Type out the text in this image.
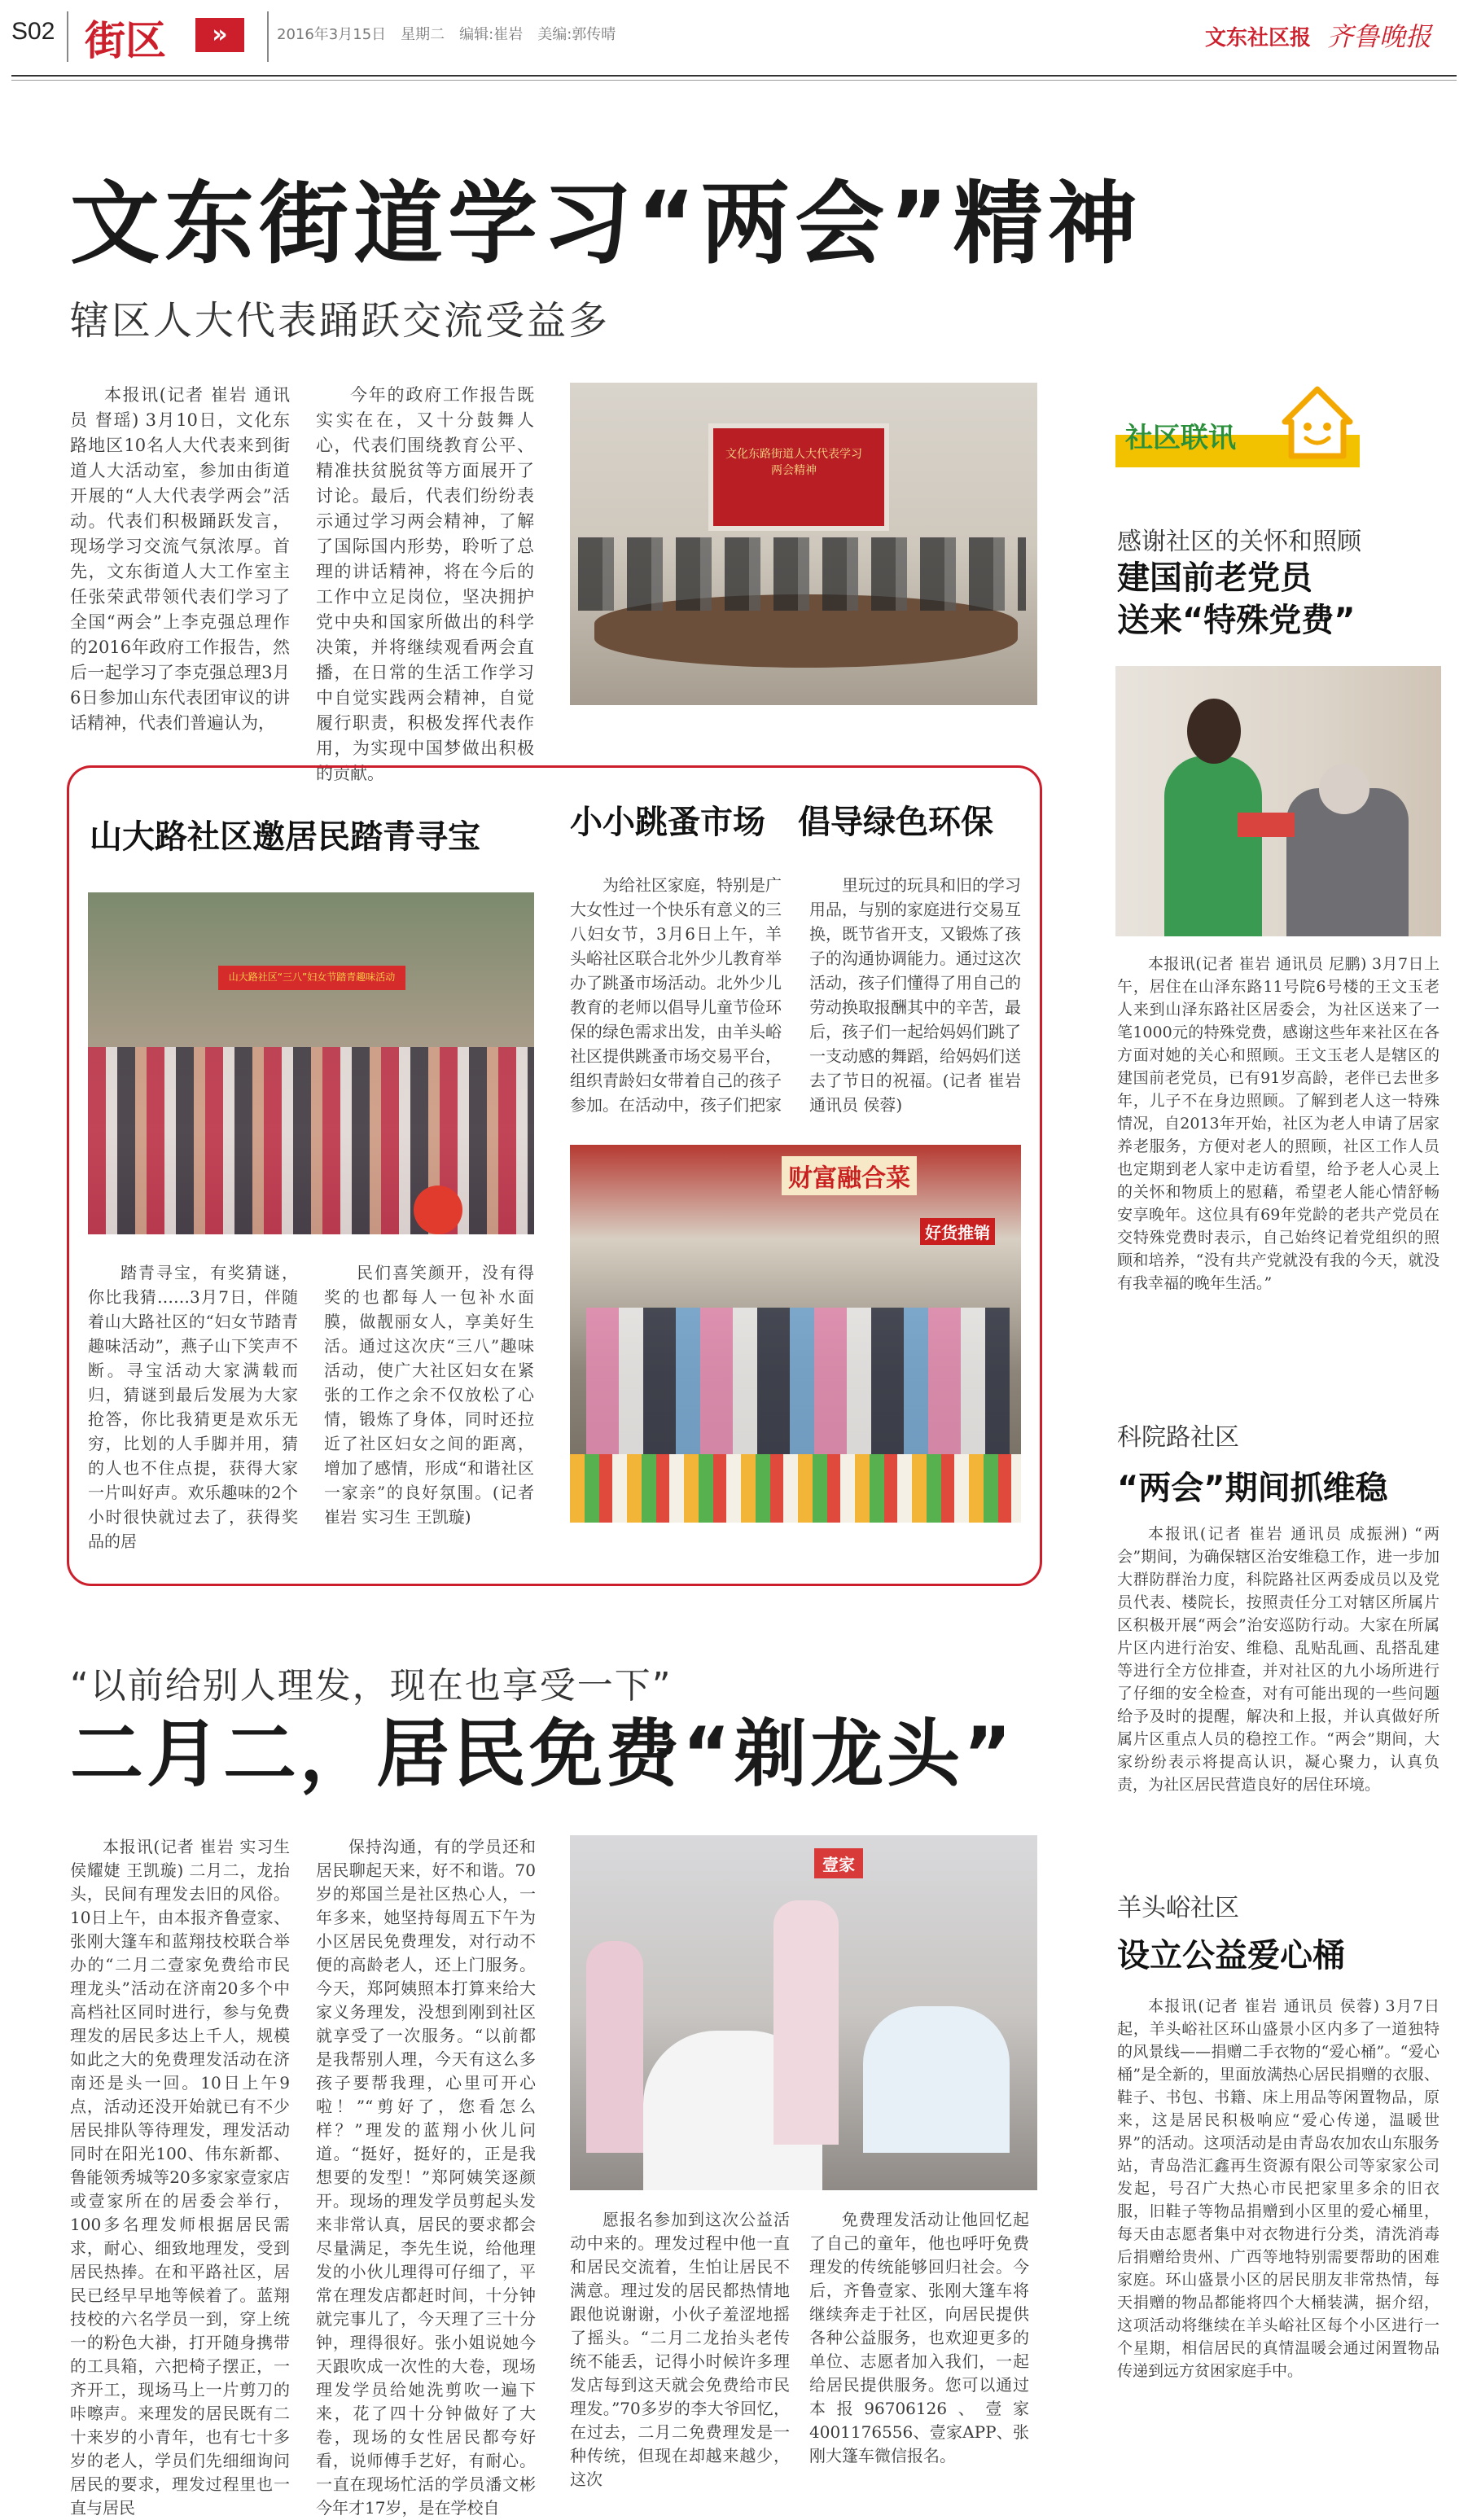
S02 街区	»	2016年3月15日　星期二　编辑:崔岩　美编:郭传晴	文东社区报 齐鲁晚报
文东街道学习“两会”精神
辖区人大代表踊跃交流受益多
本报讯(记者 崔岩 通讯员 督瑶) 3月10日，文化东路地区10名人大代表来到街道人大活动室，参加由街道开展的“人大代表学两会”活动。代表们积极踊跃发言，现场学习交流气氛浓厚。首先，文东街道人大工作室主任张荣武带领代表们学习了全国“两会”上李克强总理作的2016年政府工作报告，然后一起学习了李克强总理3月6日参加山东代表团审议的讲话精神，代表们普遍认为，
今年的政府工作报告既实实在在，又十分鼓舞人心，代表们围绕教育公平、精准扶贫脱贫等方面展开了讨论。最后，代表们纷纷表示通过学习两会精神，了解了国际国内形势，聆听了总理的讲话精神，将在今后的工作中立足岗位，坚决拥护党中央和国家所做出的科学决策，并将继续观看两会直播，在日常的生活工作学习中自觉实践两会精神，自觉履行职责，积极发挥代表作用，为实现中国梦做出积极的贡献。
文化东路街道人大代表学习两会精神
社区联讯
感谢社区的关怀和照顾
建国前老党员
送来“特殊党费”
本报讯(记者 崔岩 通讯员 尼鹏) 3月7日上午，居住在山泽东路11号院6号楼的王文玉老人来到山泽东路社区居委会，为社区送来了一笔1000元的特殊党费，感谢这些年来社区在各方面对她的关心和照顾。王文玉老人是辖区的建国前老党员，已有91岁高龄，老伴已去世多年，儿子不在身边照顾。了解到老人这一特殊情况，自2013年开始，社区为老人申请了居家养老服务，方便对老人的照顾，社区工作人员也定期到老人家中走访看望，给予老人心灵上的关怀和物质上的慰藉，希望老人能心情舒畅安享晚年。这位具有69年党龄的老共产党员在交特殊党费时表示，自己始终记着党组织的照顾和培养，“没有共产党就没有我的今天，就没有我幸福的晚年生活。”
科院路社区
“两会”期间抓维稳
本报讯(记者 崔岩 通讯员 成振洲) “两会”期间，为确保辖区治安维稳工作，进一步加大群防群治力度，科院路社区两委成员以及党员代表、楼院长，按照责任分工对辖区所属片区积极开展“两会”治安巡防行动。大家在所属片区内进行治安、维稳、乱贴乱画、乱搭乱建等进行全方位排查，并对社区的九小场所进行了仔细的安全检查，对有可能出现的一些问题给予及时的提醒，解决和上报，并认真做好所属片区重点人员的稳控工作。“两会”期间，大家纷纷表示将提高认识，凝心聚力，认真负责，为社区居民营造良好的居住环境。
羊头峪社区
设立公益爱心桶
本报讯(记者 崔岩 通讯员 侯蓉) 3月7日起，羊头峪社区环山盛景小区内多了一道独特的风景线——捐赠二手衣物的“爱心桶”。“爱心桶”是全新的，里面放满热心居民捐赠的衣服、鞋子、书包、书籍、床上用品等闲置物品，原来，这是居民积极响应“爱心传递，温暖世界”的活动。这项活动是由青岛农加农山东服务站，青岛浩汇鑫再生资源有限公司等家家公司发起，号召广大热心市民把家里多余的旧衣服，旧鞋子等物品捐赠到小区里的爱心桶里，每天由志愿者集中对衣物进行分类，清洗消毒后捐赠给贵州、广西等地特别需要帮助的困难家庭。环山盛景小区的居民朋友非常热情，每天捐赠的物品都能将四个大桶装满，据介绍，这项活动将继续在羊头峪社区每个小区进行一个星期，相信居民的真情温暖会通过闲置物品传递到远方贫困家庭手中。
山大路社区邀居民踏青寻宝
山大路社区“三八”妇女节踏青趣味活动
踏青寻宝，有奖猜谜，你比我猜……3月7日，伴随着山大路社区的“妇女节踏青趣味活动”，燕子山下笑声不断。寻宝活动大家满载而归，猜谜到最后发展为大家抢答，你比我猜更是欢乐无穷，比划的人手脚并用，猜的人也不住点提，获得大家一片叫好声。欢乐趣味的2个小时很快就过去了，获得奖品的居
民们喜笑颜开，没有得奖的也都每人一包补水面膜，做靓丽女人，享美好生活。通过这次庆“三八”趣味活动，使广大社区妇女在紧张的工作之余不仅放松了心情，锻炼了身体，同时还拉近了社区妇女之间的距离，增加了感情，形成“和谐社区一家亲”的良好氛围。(记者 崔岩 实习生 王凯璇)
小小跳蚤市场　倡导绿色环保
为给社区家庭，特别是广大女性过一个快乐有意义的三八妇女节，3月6日上午，羊头峪社区联合北外少儿教育举办了跳蚤市场活动。北外少儿教育的老师以倡导儿童节俭环保的绿色需求出发，由羊头峪社区提供跳蚤市场交易平台，组织青龄妇女带着自己的孩子参加。在活动中，孩子们把家
里玩过的玩具和旧的学习用品，与别的家庭进行交易互换，既节省开支，又锻炼了孩子的沟通协调能力。通过这次活动，孩子们懂得了用自己的劳动换取报酬其中的辛苦，最后，孩子们一起给妈妈们跳了一支动感的舞蹈，给妈妈们送去了节日的祝福。(记者 崔岩 通讯员 侯蓉)
财富融合菜
好货推销
“以前给别人理发，现在也享受一下”
二月二，居民免费“剃龙头”
本报讯(记者 崔岩 实习生 侯耀婕 王凯璇) 二月二，龙抬头，民间有理发去旧的风俗。10日上午，由本报齐鲁壹家、张刚大篷车和蓝翔技校联合举办的“二月二壹家免费给市民理龙头”活动在济南20多个中高档社区同时进行，参与免费理发的居民多达上千人，规模如此之大的免费理发活动在济南还是头一回。10日上午9点，活动还没开始就已有不少居民排队等待理发，理发活动同时在阳光100、伟东新都、鲁能领秀城等20多家家壹家店或壹家所在的居委会举行，100多名理发师根据居民需求，耐心、细致地理发，受到居民热捧。在和平路社区，居民已经早早地等候着了。蓝翔技校的六名学员一到，穿上统一的粉色大褂，打开随身携带的工具箱，六把椅子摆正，一齐开工，现场马上一片剪刀的咔嚓声。来理发的居民既有二十来岁的小青年，也有七十多岁的老人，学员们先细细询问居民的要求，理发过程里也一直与居民
保持沟通，有的学员还和居民聊起天来，好不和谐。70岁的郑国兰是社区热心人，一年多来，她坚持每周五下午为小区居民免费理发，对行动不便的高龄老人，还上门服务。今天，郑阿姨照本打算来给大家义务理发，没想到刚到社区就享受了一次服务。“以前都是我帮别人理，今天有这么多孩子要帮我理，心里可开心啦！”“剪好了，您看怎么样？”理发的蓝翔小伙儿问道。“挺好，挺好的，正是我想要的发型！”郑阿姨笑逐颜开。现场的理发学员剪起头发来非常认真，居民的要求都会尽量满足，李先生说，给他理发的小伙儿理得可仔细了，平常在理发店都赶时间，十分钟就完事儿了，今天理了三十分钟，理得很好。张小姐说她今天跟吹成一次性的大卷，现场理发学员给她洗剪吹一遍下来，花了四十分钟做好了大卷，现场的女性居民都夸好看，说师傅手艺好，有耐心。一直在现场忙活的学员潘文彬今年才17岁，是在学校自
壹家
愿报名参加到这次公益活动中来的。理发过程中他一直和居民交流着，生怕让居民不满意。理过发的居民都热情地跟他说谢谢，小伙子羞涩地摇了摇头。“二月二龙抬头老传统不能丢，记得小时候许多理发店每到这天就会免费给市民理发。”70多岁的李大爷回忆，在过去，二月二免费理发是一种传统，但现在却越来越少，这次
免费理发活动让他回忆起了自己的童年，他也呼吁免费理发的传统能够回归社会。今后，齐鲁壹家、张刚大篷车将继续奔走于社区，向居民提供各种公益服务，也欢迎更多的单位、志愿者加入我们，一起给居民提供服务。您可以通过本报96706126、壹家4001176556、壹家APP、张刚大篷车微信报名。
